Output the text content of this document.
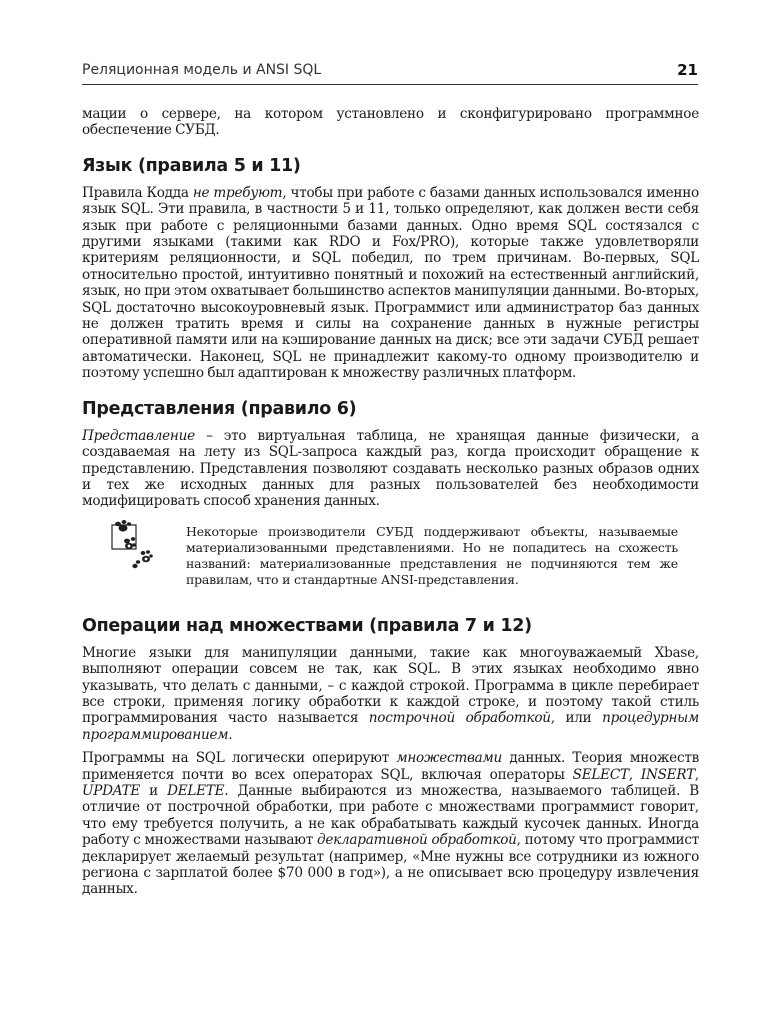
Реляционная модель и ANSI SQL	21

мации о сервере, на котором установлено и сконфигурировано программное обеспечение СУБД.

Язык (правила 5 и 11)

Правила Кодда не требуют, чтобы при работе с базами данных использовался именно язык SQL. Эти правила, в частности 5 и 11, только определяют, как должен вести себя язык при работе с реляционными базами данных. Одно время SQL состязался с другими языками (такими как RDO и Fox/PRO), которые также удовлетворяли критериям реляционности, и SQL победил, по трем причинам. Во-первых, SQL относительно простой, интуитивно понятный и похожий на естественный английский, язык, но при этом охватывает большинство аспектов манипуляции данными. Во-вторых, SQL достаточно высокоуровневый язык. Программист или администратор баз данных не должен тратить время и силы на сохранение данных в нужные регистры оперативной памяти или на кэширование данных на диск; все эти задачи СУБД решает автоматически. Наконец, SQL не принадлежит какому-то одному производителю и поэтому успешно был адаптирован к множеству различных платформ.

Представления (правило 6)

Представление – это виртуальная таблица, не хранящая данные физически, а создаваемая на лету из SQL-запроса каждый раз, когда происходит обращение к представлению. Представления позволяют создавать несколько разных образов одних и тех же исходных данных для разных пользователей без необходимости модифицировать способ хранения данных.

Некоторые производители СУБД поддерживают объекты, называемые материализованными представлениями. Но не попадитесь на схожесть названий: материализованные представления не подчиняются тем же правилам, что и стандартные ANSI-представления.

Операции над множествами (правила 7 и 12)

Многие языки для манипуляции данными, такие как многоуважаемый Xbase, выполняют операции совсем не так, как SQL. В этих языках необходимо явно указывать, что делать с данными, – с каждой строкой. Программа в цикле перебирает все строки, применяя логику обработки к каждой строке, и поэтому такой стиль программирования часто называется построчной обработкой, или процедурным программированием.

Программы на SQL логически оперируют множествами данных. Теория множеств применяется почти во всех операторах SQL, включая операторы SELECT, INSERT, UPDATE и DELETE. Данные выбираются из множества, называемого таблицей. В отличие от построчной обработки, при работе с множествами программист говорит, что ему требуется получить, а не как обрабатывать каждый кусочек данных. Иногда работу с множествами называют декларативной обработкой, потому что программист декларирует желаемый результат (например, «Мне нужны все сотрудники из южного региона с зарплатой более $70 000 в год»), а не описывает всю процедуру извлечения данных.
